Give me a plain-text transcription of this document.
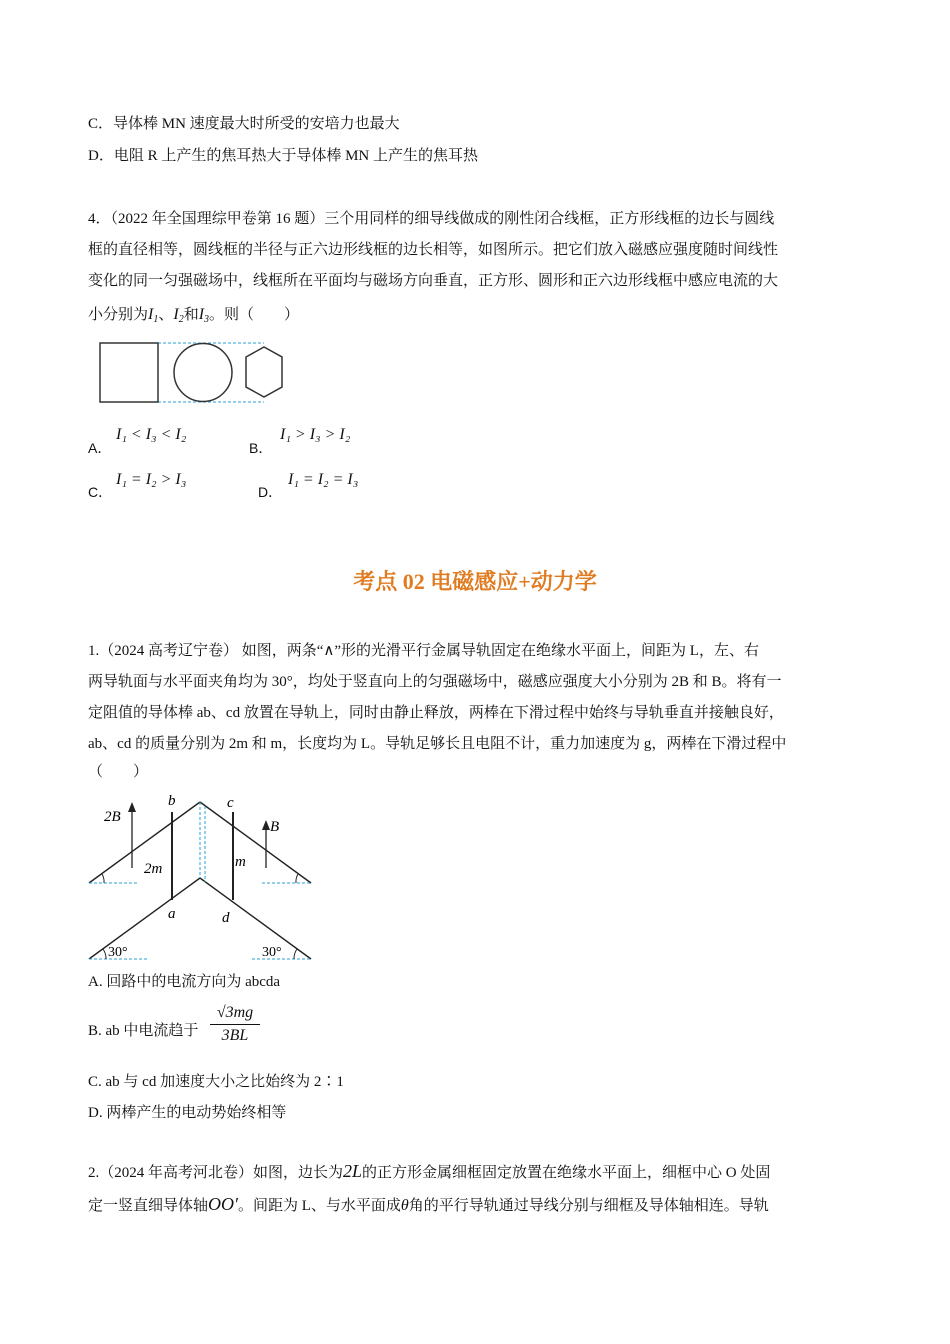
C．导体棒 MN 速度最大时所受的安培力也最大
D．电阻 R 上产生的焦耳热大于导体棒 MN 上产生的焦耳热
4．（2022 年全国理综甲卷第 16 题）三个用同样的细导线做成的刚性闭合线框，正方形线框的边长与圆线
框的直径相等，圆线框的半径与正六边形线框的边长相等，如图所示。把它们放入磁感应强度随时间线性
变化的同一匀强磁场中，线框所在平面均与磁场方向垂直，正方形、圆形和正六边形线框中感应电流的大
小分别为$I_1$、$I_2$和$I_3$。则（　　）
A．
I₁ < I₃ < I₂
B．
I₁ > I₃ > I₂
C．
I₁ = I₂ > I₃
D．
I₁ = I₂ = I₃
考点 02 电磁感应+动力学
1.（2024 高考辽宁卷） 如图，两条“∧”形的光滑平行金属导轨固定在绝缘水平面上，间距为 L，左、右
两导轨面与水平面夹角均为 30°，均处于竖直向上的匀强磁场中，磁感应强度大小分别为 2B 和 B。将有一
定阻值的导体棒 ab、cd 放置在导轨上，同时由静止释放，两棒在下滑过程中始终与导轨垂直并接触良好，
ab、cd 的质量分别为 2m 和 m，长度均为 L。导轨足够长且电阻不计，重力加速度为 g，两棒在下滑过程中
（　　）
2B
B
b	c
2m	m
a	d
30°	30°
A. 回路中的电流方向为 abcda
B. ab 中电流趋于 $\frac{√3mg}{3BL}$
C. ab 与 cd 加速度大小之比始终为 2∶1
D. 两棒产生的电动势始终相等
2.（2024 年高考河北卷）如图，边长为2L的正方形金属细框固定放置在绝缘水平面上，细框中心 O 处固
定一竖直细导体轴OO′。间距为 L、与水平面成θ角的平行导轨通过导线分别与细框及导体轴相连。导轨
